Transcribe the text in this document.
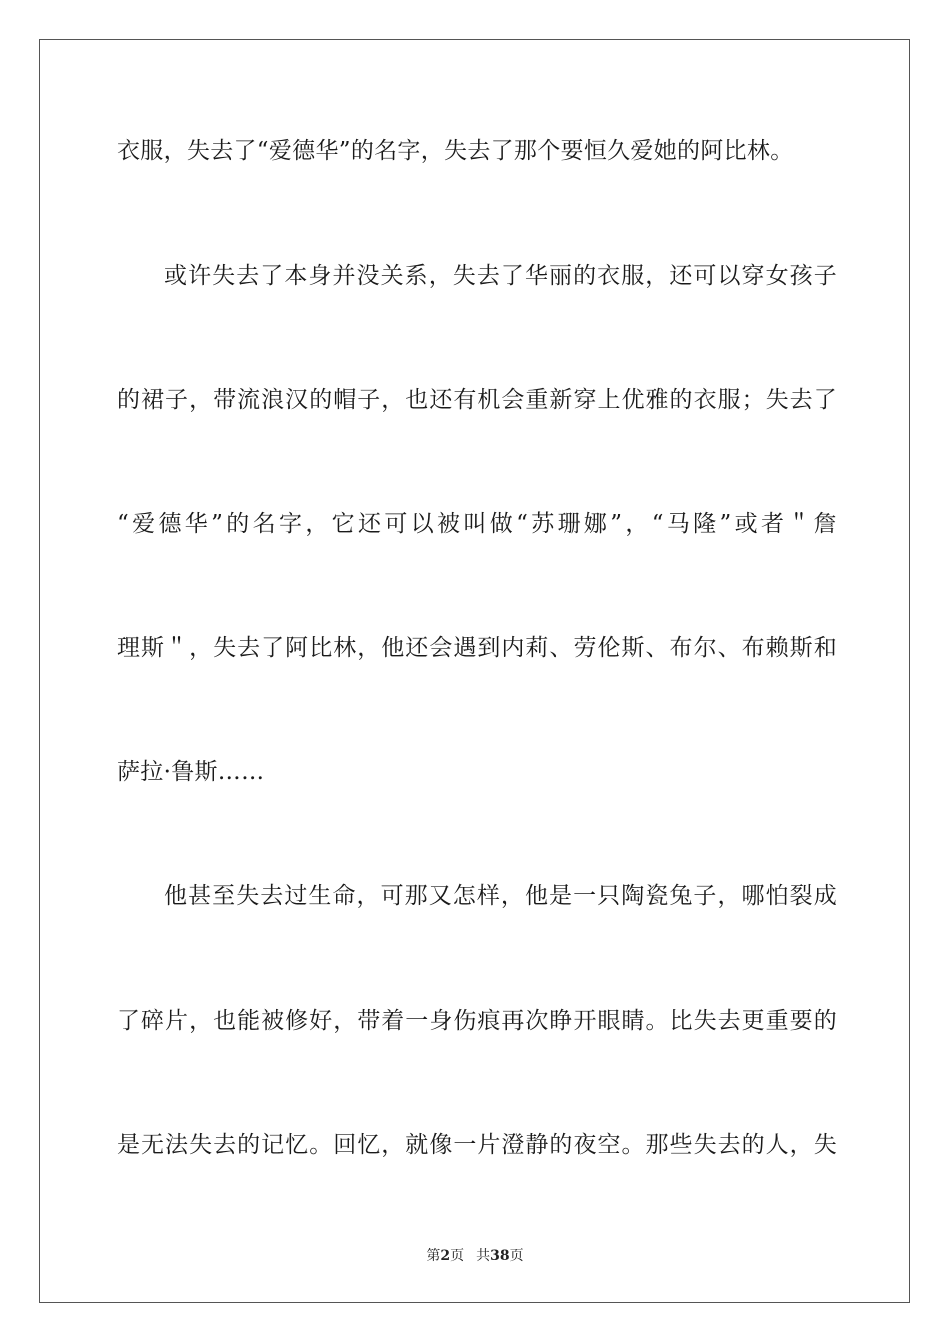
衣服，失去了“爱德华”的名字，失去了那个要恒久爱她的阿比林。
或许失去了本身并没关系，失去了华丽的衣服，还可以穿女孩子
的裙子，带流浪汉的帽子，也还有机会重新穿上优雅的衣服；失去了
“爱德华”的名字，它还可以被叫做“苏珊娜”，“马隆”或者＂詹
理斯＂，失去了阿比林，他还会遇到内莉、劳伦斯、布尔、布赖斯和
萨拉·鲁斯……
他甚至失去过生命，可那又怎样，他是一只陶瓷兔子，哪怕裂成
了碎片，也能被修好，带着一身伤痕再次睁开眼睛。比失去更重要的
是无法失去的记忆。回忆，就像一片澄静的夜空。那些失去的人，失
第2页 共38页
